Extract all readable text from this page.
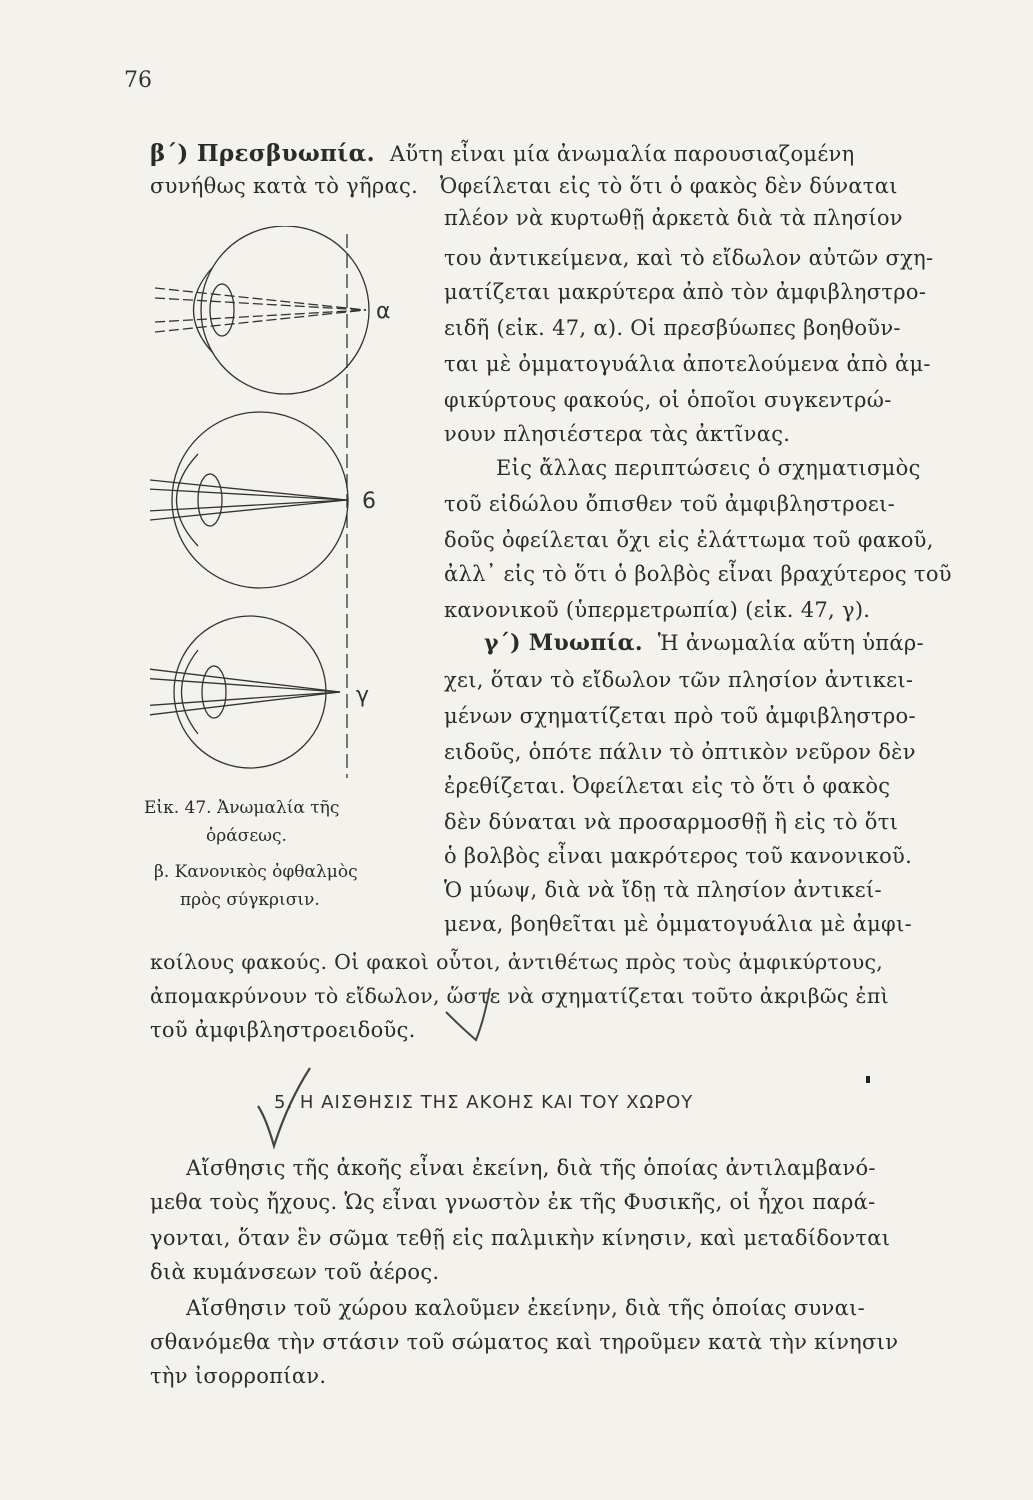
76
β΄) Πρεσβυωπία. Αὕτη εἶναι μία ἀνωμαλία παρουσιαζομένη
συνήθως κατὰ τὸ γῆρας. Ὀφείλεται εἰς τὸ ὅτι ὁ φακὸς δὲν δύναται
πλέον νὰ κυρτωθῇ ἀρκετὰ διὰ τὰ πλησίον
του ἀντικείμενα, καὶ τὸ εἴδωλον αὐτῶν σχη-
ματίζεται μακρύτερα ἀπὸ τὸν ἀμφιβληστρο-
ειδῆ (εἰκ. 47, α). Οἱ πρεσβύωπες βοηθοῦν-
ται μὲ ὀμματογυάλια ἀποτελούμενα ἀπὸ ἀμ-
φικύρτους φακούς, οἱ ὁποῖοι συγκεντρώ-
νουν πλησιέστερα τὰς ἀκτῖνας.
Εἰς ἄλλας περιπτώσεις ὁ σχηματισμὸς
τοῦ εἰδώλου ὄπισθεν τοῦ ἀμφιβληστροει-
δοῦς ὀφείλεται ὄχι εἰς ἐλάττωμα τοῦ φακοῦ,
ἀλλ᾽ εἰς τὸ ὅτι ὁ βολβὸς εἶναι βραχύτερος τοῦ
κανονικοῦ (ὑπερμετρωπία) (εἰκ. 47, γ).
γ΄) Μυωπία. Ἡ ἀνωμαλία αὕτη ὑπάρ-
χει, ὅταν τὸ εἴδωλον τῶν πλησίον ἀντικει-
μένων σχηματίζεται πρὸ τοῦ ἀμφιβληστρο-
ειδοῦς, ὁπότε πάλιν τὸ ὀπτικὸν νεῦρον δὲν
ἐρεθίζεται. Ὀφείλεται εἰς τὸ ὅτι ὁ φακὸς
δὲν δύναται νὰ προσαρμοσθῇ ἢ εἰς τὸ ὅτι
ὁ βολβὸς εἶναι μακρότερος τοῦ κανονικοῦ.
Ὁ μύωψ, διὰ νὰ ἴδῃ τὰ πλησίον ἀντικεί-
μενα, βοηθεῖται μὲ ὀμματογυάλια μὲ ἀμφι-
κοίλους φακούς. Οἱ φακοὶ οὗτοι, ἀντιθέτως πρὸς τοὺς ἀμφικύρτους,
ἀπομακρύνουν τὸ εἴδωλον, ὥστε νὰ σχηματίζεται τοῦτο ἀκριβῶς ἐπὶ
τοῦ ἀμφιβληστροειδοῦς.
α
6
γ
Εἰκ. 47. Ἀνωμαλία τῆς
ὁράσεως.
β. Κανονικὸς ὀφθαλμὸς
πρὸς σύγκρισιν.
5. Η ΑΙΣΘΗΣΙΣ ΤΗΣ ΑΚΟΗΣ ΚΑΙ ΤΟΥ ΧΩΡΟΥ
Αἴσθησις τῆς ἀκοῆς εἶναι ἐκείνη, διὰ τῆς ὁποίας ἀντιλαμβανό-
μεθα τοὺς ἤχους. Ὡς εἶναι γνωστὸν ἐκ τῆς Φυσικῆς, οἱ ἦχοι παρά-
γονται, ὅταν ἓν σῶμα τεθῇ εἰς παλμικὴν κίνησιν, καὶ μεταδίδονται
διὰ κυμάνσεων τοῦ ἀέρος.
Αἴσθησιν τοῦ χώρου καλοῦμεν ἐκείνην, διὰ τῆς ὁποίας συναι-
σθανόμεθα τὴν στάσιν τοῦ σώματος καὶ τηροῦμεν κατὰ τὴν κίνησιν
τὴν ἰσορροπίαν.
